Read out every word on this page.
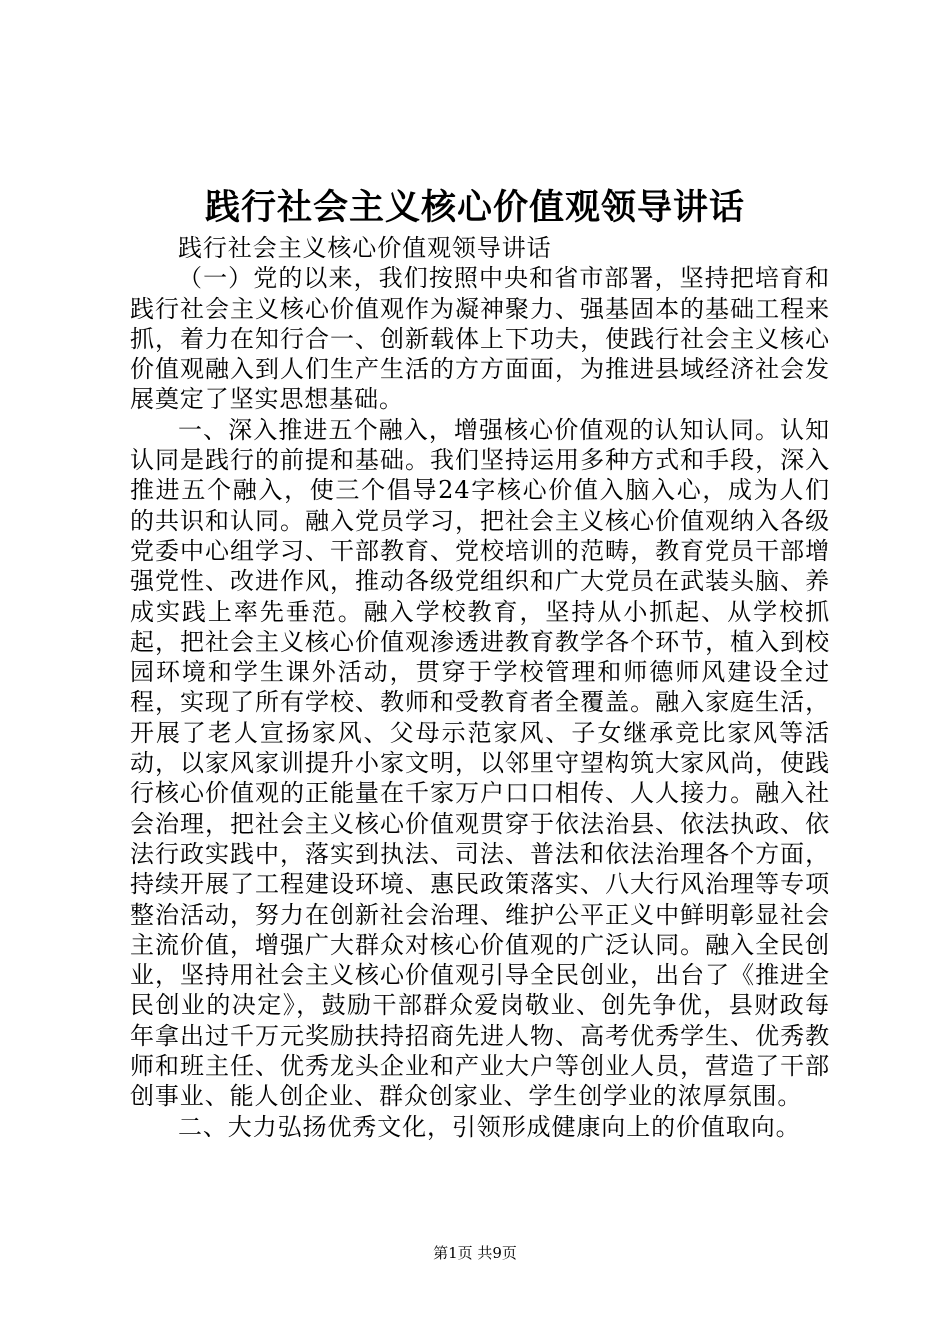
践行社会主义核心价值观领导讲话

践行社会主义核心价值观领导讲话

（一）党的以来，我们按照中央和省市部署，坚持把培育和践行社会主义核心价值观作为凝神聚力、强基固本的基础工程来抓，着力在知行合一、创新载体上下功夫，使践行社会主义核心价值观融入到人们生产生活的方方面面，为推进县域经济社会发展奠定了坚实思想基础。

一、深入推进五个融入，增强核心价值观的认知认同。认知认同是践行的前提和基础。我们坚持运用多种方式和手段，深入推进五个融入，使三个倡导24字核心价值入脑入心，成为人们的共识和认同。融入党员学习，把社会主义核心价值观纳入各级党委中心组学习、干部教育、党校培训的范畴，教育党员干部增强党性、改进作风，推动各级党组织和广大党员在武装头脑、养成实践上率先垂范。融入学校教育，坚持从小抓起、从学校抓起，把社会主义核心价值观渗透进教育教学各个环节，植入到校园环境和学生课外活动，贯穿于学校管理和师德师风建设全过程，实现了所有学校、教师和受教育者全覆盖。融入家庭生活，开展了老人宣扬家风、父母示范家风、子女继承竞比家风等活动，以家风家训提升小家文明，以邻里守望构筑大家风尚，使践行核心价值观的正能量在千家万户口口相传、人人接力。融入社会治理，把社会主义核心价值观贯穿于依法治县、依法执政、依法行政实践中，落实到执法、司法、普法和依法治理各个方面，持续开展了工程建设环境、惠民政策落实、八大行风治理等专项整治活动，努力在创新社会治理、维护公平正义中鲜明彰显社会主流价值，增强广大群众对核心价值观的广泛认同。融入全民创业，坚持用社会主义核心价值观引导全民创业，出台了《推进全民创业的决定》，鼓励干部群众爱岗敬业、创先争优，县财政每年拿出过千万元奖励扶持招商先进人物、高考优秀学生、优秀教师和班主任、优秀龙头企业和产业大户等创业人员，营造了干部创事业、能人创企业、群众创家业、学生创学业的浓厚氛围。

二、大力弘扬优秀文化，引领形成健康向上的价值取向。

第1页 共9页
